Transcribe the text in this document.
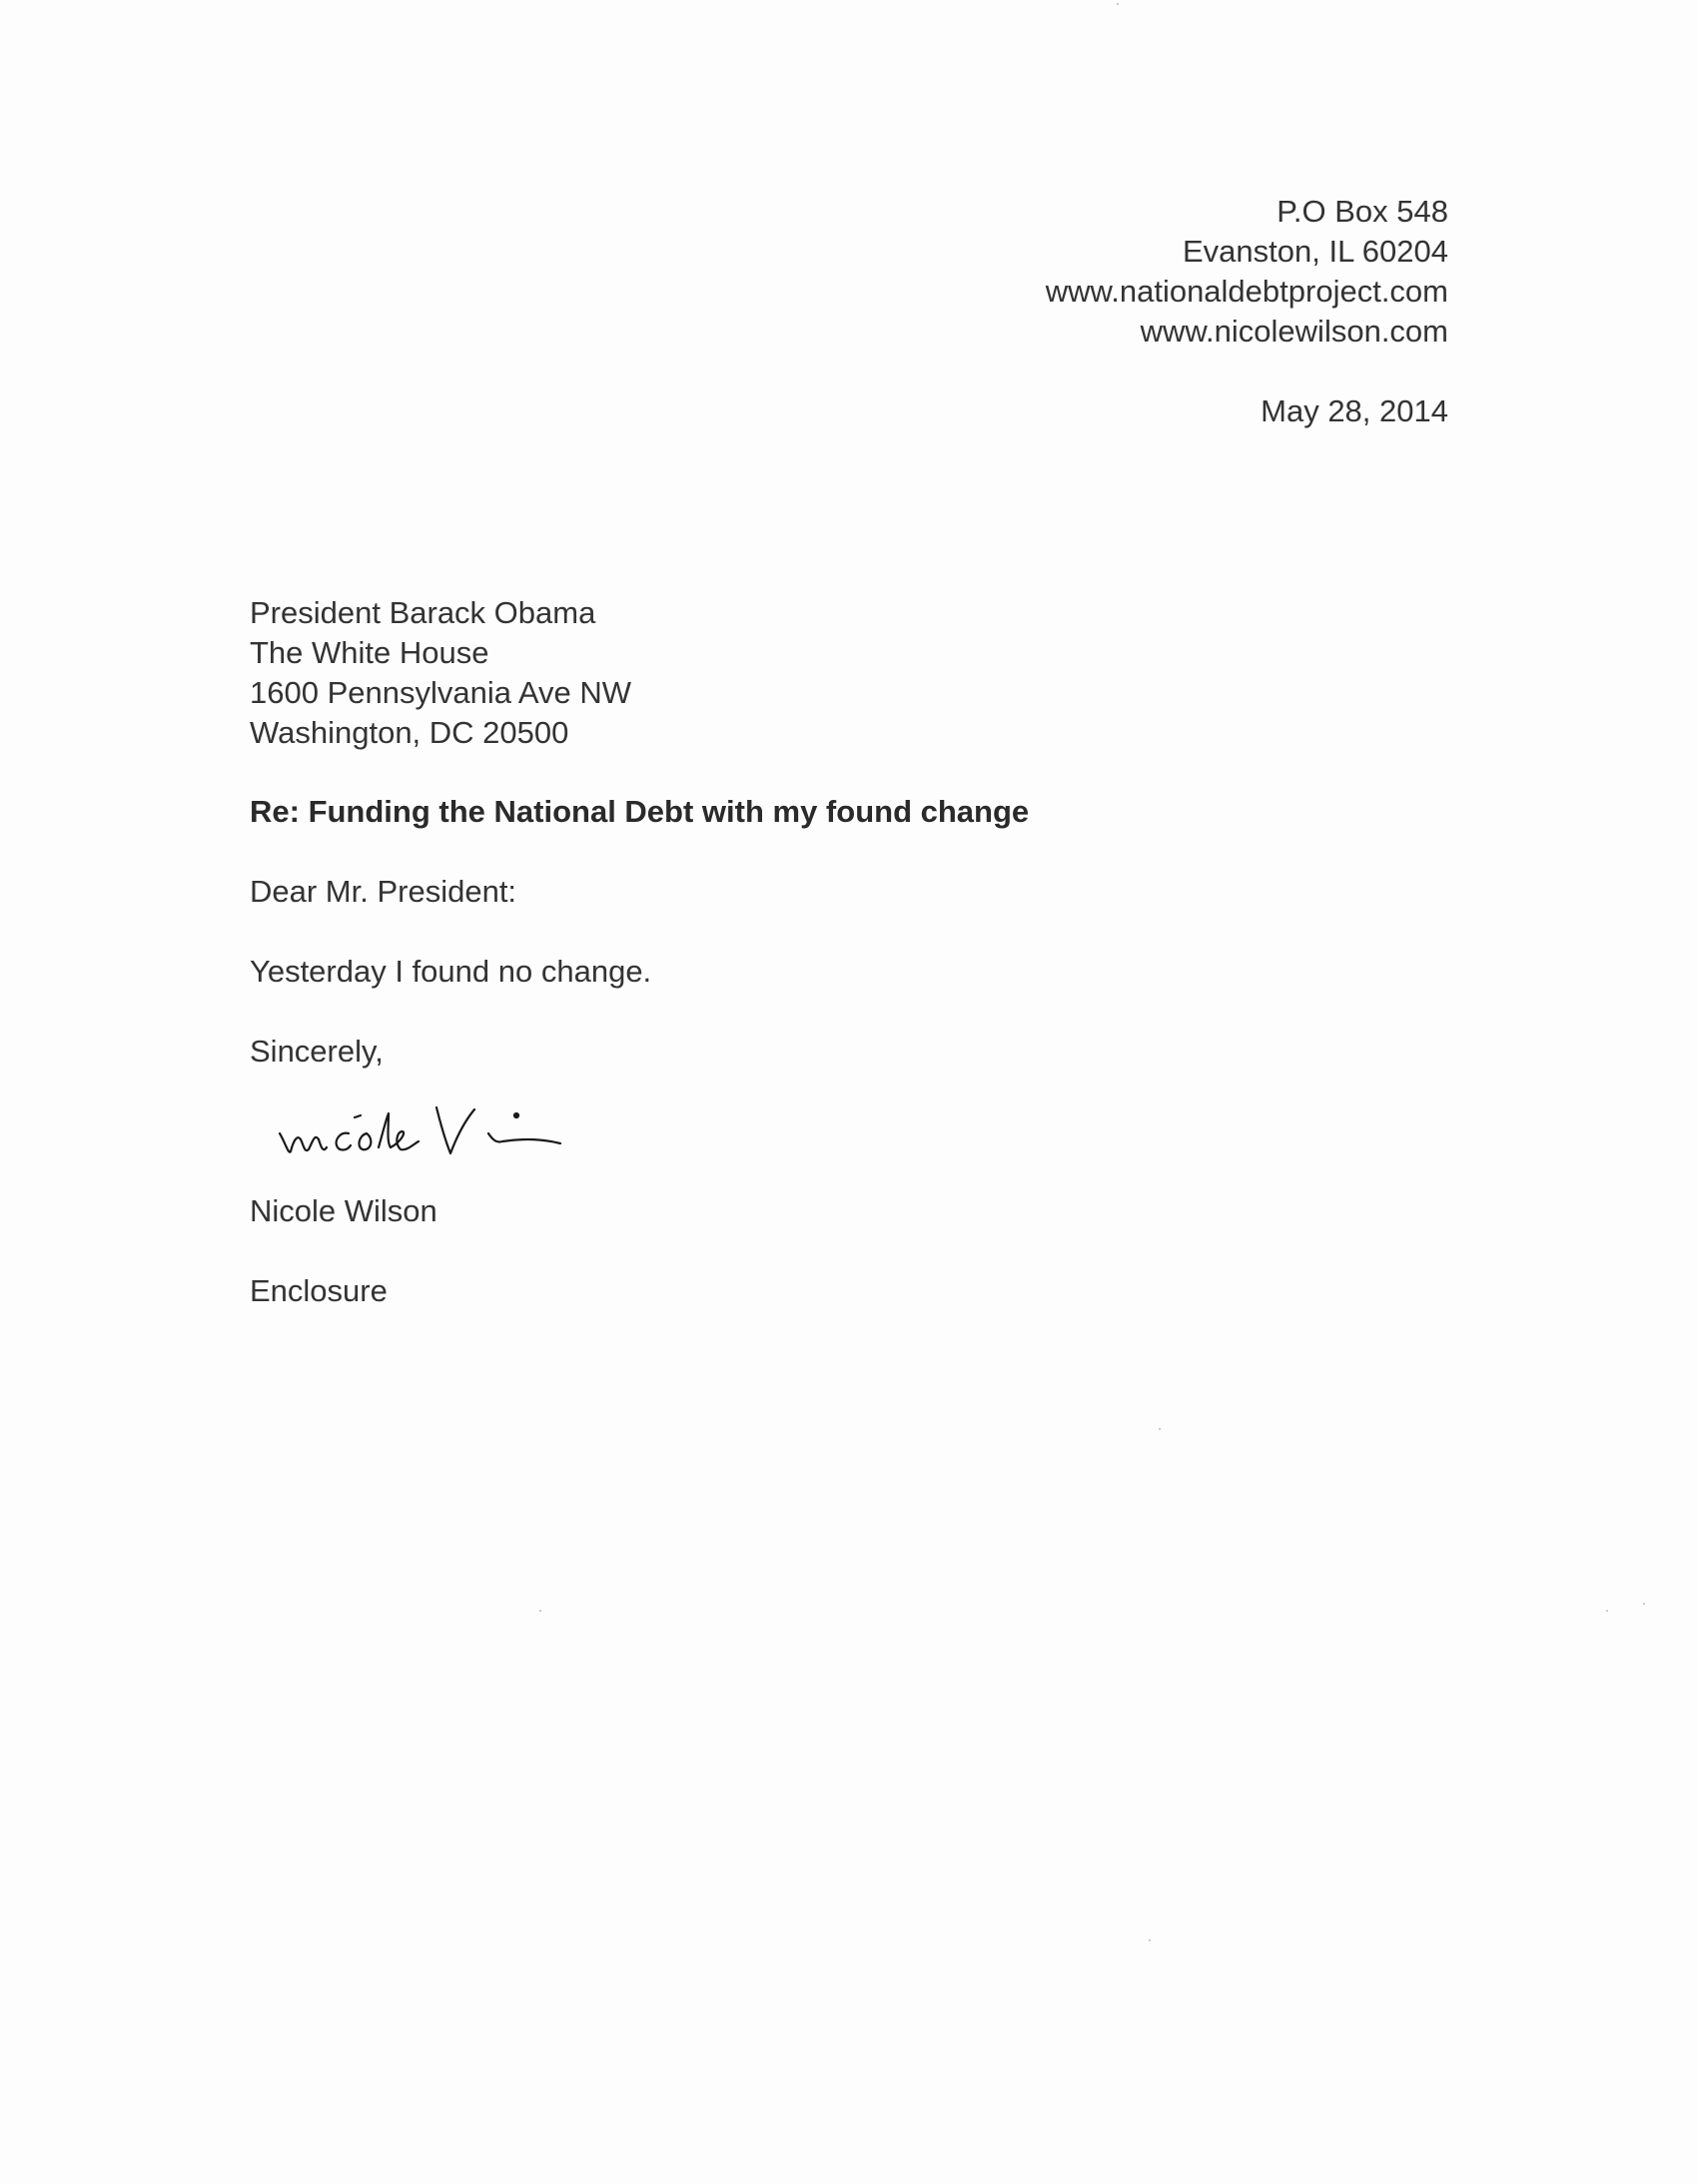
P.O Box 548
Evanston, IL 60204
www.nationaldebtproject.com
www.nicolewilson.com
May 28, 2014
President Barack Obama
The White House
1600 Pennsylvania Ave NW
Washington, DC 20500
Re: Funding the National Debt with my found change
Dear Mr. President:
Yesterday I found no change.
Sincerely,
Nicole Wilson
Enclosure
